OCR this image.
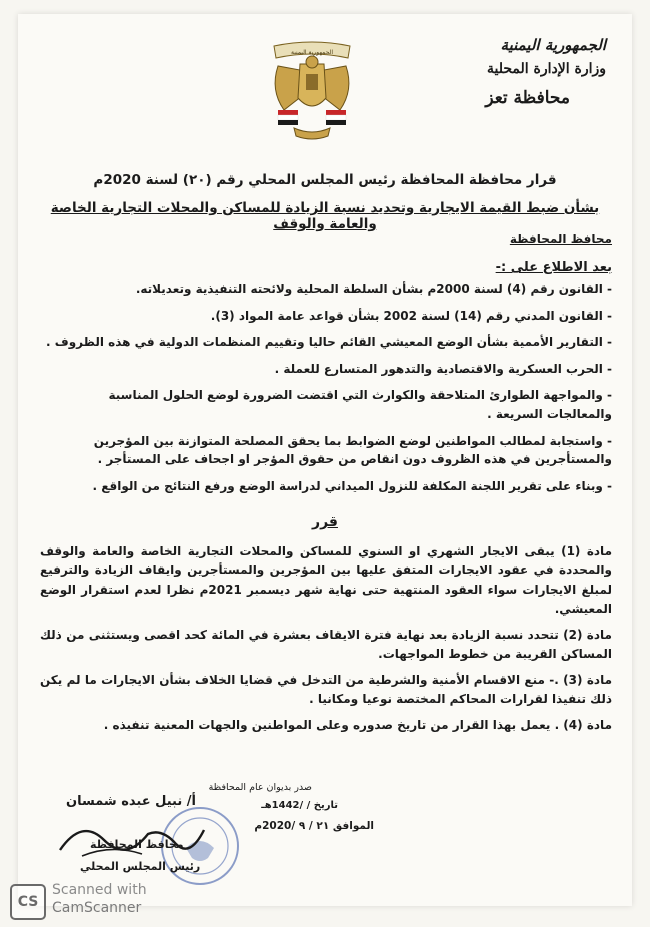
الجمهورية اليمنية
وزارة الإدارة المحلية
محافظة تعز
الجمهورية اليمنية
قرار محافظة المحافظة رئيس المجلس المحلي رقم (٢٠) لسنة 2020م
بشأن ضبط القيمة الايجارية وتحديد نسبة الزيادة للمساكن والمحلات التجارية الخاصة والعامة والوقف
محافظ المحافظة
بعد الاطلاع على :-
- القانون رقم (4) لسنة 2000م بشأن السلطة المحلية ولائحته التنفيذية وتعديلاته.
- القانون المدني رقم (14) لسنة 2002 بشأن قواعد عامة المواد (3).
- التقارير الأممية بشأن الوضع المعيشي القائم حاليا وتقييم المنظمات الدولية في هذه الظروف .
- الحرب العسكرية والاقتصادية والتدهور المتسارع للعملة .
- والمواجهة الطوارئ المتلاحقة والكوارث التي اقتضت الضرورة لوضع الحلول المناسبة والمعالجات السريعة .
- واستجابة لمطالب المواطنين لوضع الضوابط بما يحقق المصلحة المتوازنة بين المؤجرين والمستأجرين في هذه الظروف دون انقاص من حقوق المؤجر او اجحاف على المستأجر .
- وبناء على تقرير اللجنة المكلفة للنزول الميداني لدراسة الوضع ورفع النتائج من الواقع .
قرر
مادة (1) يبقى الايجار الشهري او السنوي للمساكن والمحلات التجارية الخاصة والعامة والوقف والمحددة في عقود الايجارات المتفق عليها بين المؤجرين والمستأجرين وايقاف الزيادة والترفيع لمبلغ الايجارات سواء العقود المنتهية حتى نهاية شهر ديسمبر 2021م نظرا لعدم استقرار الوضع المعيشي.
مادة (2) تتحدد نسبة الزيادة بعد نهاية فترة الايقاف بعشرة في المائة كحد اقصى ويستثنى من ذلك المساكن القريبة من خطوط المواجهات.
مادة (3) .- منع الاقسام الأمنية والشرطية من التدخل في قضايا الخلاف بشأن الايجارات ما لم يكن ذلك تنفيذا لقرارات المحاكم المختصة نوعيا ومكانيا .
مادة (4) . يعمل بهذا القرار من تاريخ صدوره وعلى المواطنين والجهات المعنية تنفيذه .
صدر بديوان عام المحافظة
تاريخ / /1442هـ
الموافق ٢١ / ٩ /2020م
أ/ نبيل عبده شمسان
محافظ المحافظة
رئيس المجلس المحلي
CS
Scanned with
CamScanner
